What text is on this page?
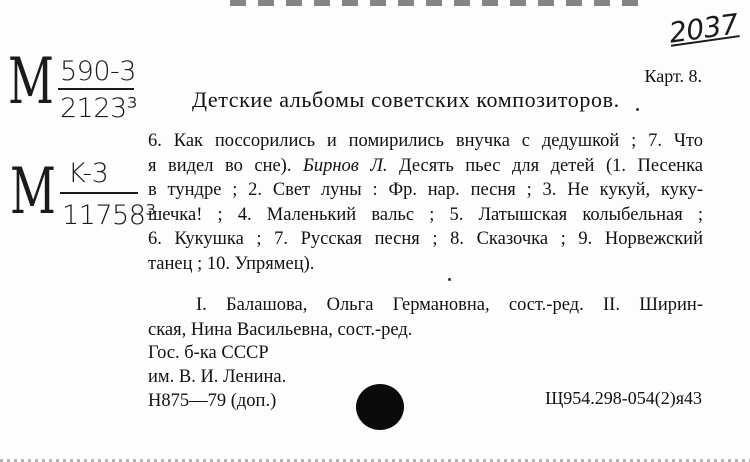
2037
M 590-3
2123³
M K-3
11758³
Карт. 8.
Детские альбомы советских композиторов.
6. Как поссорились и помирились внучка с дедушкой ; 7. Что
я видел во сне). Бирнов Л. Десять пьес для детей (1. Песенка
в тундре ; 2. Свет луны : Фр. нар. песня ; 3. Не кукуй, куку-
шечка! ; 4. Маленький вальс ; 5. Латышская колыбельная ;
6. Кукушка ; 7. Русская песня ; 8. Сказочка ; 9. Норвежский
танец ; 10. Упрямец).
I. Балашова, Ольга Германовна, сост.-ред. II. Ширин-
ская, Нина Васильевна, сост.-ред.
Гос. б-ка СССР
им. В. И. Ленина.
Н875—79 (доп.)	Щ954.298-054(2)я43
